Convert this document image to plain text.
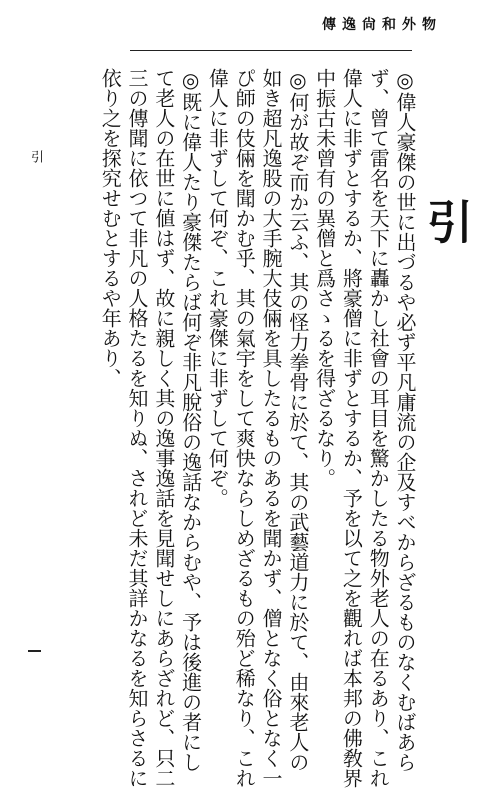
傳逸尙和外物
引

◎偉人豪傑の世に出づるや必ず平凡庸流の企及すべからざるものなくむばあらず、曾て雷名を天下に轟かし社會の耳目を驚かしたる物外老人の在るあり、これ偉人に非ずとするか、將豪僧に非ずとするか、予を以て之を觀れば本邦の佛敎界中振古未曾有の異僧と爲さゝるを得ざるなり。

◎何が故ぞ而か云ふ、其の怪力拳骨に於て、其の武藝道力に於て、由來老人の如き超凡逸股の大手腕大伎倆を具したるものあるを聞かず、僧となく俗となく一ぴ師の伎倆を聞かむ乎、其の氣宇をして爽快ならしめざるもの殆ど稀なり、これ偉人に非ずして何ぞ、これ豪傑に非ずして何ぞ。

◎既に偉人たり豪傑たらば何ぞ非凡脫俗の逸話なからむや、予は後進の者にして老人の在世に値はず、故に親しく其の逸事逸話を見聞せしにあらざれど、只二三の傳聞に依つて非凡の人格たるを知りぬ、されど未だ其詳かなるを知らさるに依り之を探究せむとするや年あり、

引
